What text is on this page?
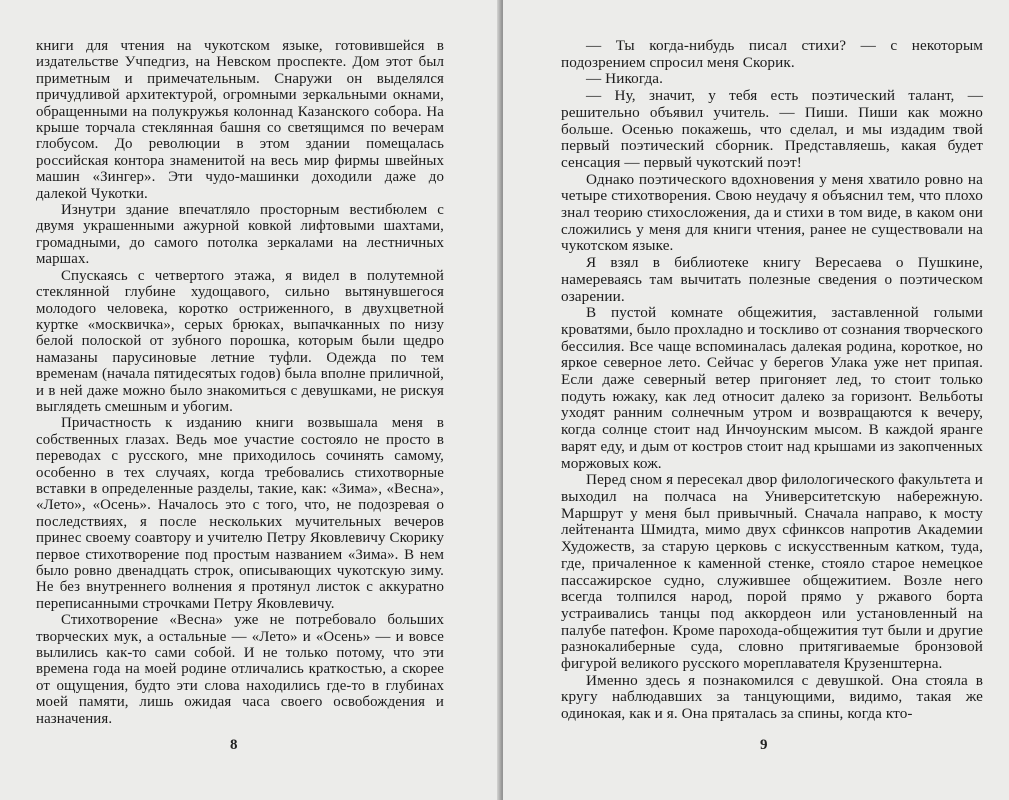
книги для чтения на чукотском языке, готовившейся в издательстве Учпедгиз, на Невском проспекте. Дом этот был приметным и примечательным. Снаружи он выделялся причудливой архитектурой, огромными зеркальными окнами, обращенными на полукружья колоннад Казанского собора. На крыше торчала стеклянная башня со светящимся по вечерам глобусом. До революции в этом здании помещалась российская контора знаменитой на весь мир фирмы швейных машин «Зингер». Эти чудо-машинки доходили даже до далекой Чукотки.

Изнутри здание впечатляло просторным вестибюлем с двумя украшенными ажурной ковкой лифтовыми шахтами, громадными, до самого потолка зеркалами на лестничных маршах.

Спускаясь с четвертого этажа, я видел в полутемной стеклянной глубине худощавого, сильно вытянувшегося молодого человека, коротко остриженного, в двухцветной куртке «москвичка», серых брюках, выпачканных по низу белой полоской от зубного порошка, которым были щедро намазаны парусиновые летние туфли. Одежда по тем временам (начала пятидесятых годов) была вполне приличной, и в ней даже можно было знакомиться с девушками, не рискуя выглядеть смешным и убогим.

Причастность к изданию книги возвышала меня в собственных глазах. Ведь мое участие состояло не просто в переводах с русского, мне приходилось сочинять самому, особенно в тех случаях, когда требовались стихотворные вставки в определенные разделы, такие, как: «Зима», «Весна», «Лето», «Осень». Началось это с того, что, не подозревая о последствиях, я после нескольких мучительных вечеров принес своему соавтору и учителю Петру Яковлевичу Скорику первое стихотворение под простым названием «Зима». В нем было ровно двенадцать строк, описывающих чукотскую зиму. Не без внутреннего волнения я протянул листок с аккуратно переписанными строчками Петру Яковлевичу.

Стихотворение «Весна» уже не потребовало больших творческих мук, а остальные — «Лето» и «Осень» — и вовсе вылились как-то сами собой. И не только потому, что эти времена года на моей родине отличались краткостью, а скорее от ощущения, будто эти слова находились где-то в глубинах моей памяти, лишь ожидая часа своего освобождения и назначения.

8

— Ты когда-нибудь писал стихи? — с некоторым подозрением спросил меня Скорик.

— Никогда.

— Ну, значит, у тебя есть поэтический талант, — решительно объявил учитель. — Пиши. Пиши как можно больше. Осенью покажешь, что сделал, и мы издадим твой первый поэтический сборник. Представляешь, какая будет сенсация — первый чукотский поэт!

Однако поэтического вдохновения у меня хватило ровно на четыре стихотворения. Свою неудачу я объяснил тем, что плохо знал теорию стихосложения, да и стихи в том виде, в каком они сложились у меня для книги чтения, ранее не существовали на чукотском языке.

Я взял в библиотеке книгу Вересаева о Пушкине, намереваясь там вычитать полезные сведения о поэтическом озарении.

В пустой комнате общежития, заставленной голыми кроватями, было прохладно и тоскливо от сознания творческого бессилия. Все чаще вспоминалась далекая родина, короткое, но яркое северное лето. Сейчас у берегов Улака уже нет припая. Если даже северный ветер пригоняет лед, то стоит только подуть южаку, как лед относит далеко за горизонт. Вельботы уходят ранним солнечным утром и возвращаются к вечеру, когда солнце стоит над Инчоунским мысом. В каждой яранге варят еду, и дым от костров стоит над крышами из закопченных моржовых кож.

Перед сном я пересекал двор филологического факультета и выходил на полчаса на Университетскую набережную. Маршрут у меня был привычный. Сначала направо, к мосту лейтенанта Шмидта, мимо двух сфинксов напротив Академии Художеств, за старую церковь с искусственным катком, туда, где, причаленное к каменной стенке, стояло старое немецкое пассажирское судно, служившее общежитием. Возле него всегда толпился народ, порой прямо у ржавого борта устраивались танцы под аккордеон или установленный на палубе патефон. Кроме парохода-общежития тут были и другие разнокалиберные суда, словно притягиваемые бронзовой фигурой великого русского мореплавателя Крузенштерна.

Именно здесь я познакомился с девушкой. Она стояла в кругу наблюдавших за танцующими, видимо, такая же одинокая, как и я. Она пряталась за спины, когда кто-

9
